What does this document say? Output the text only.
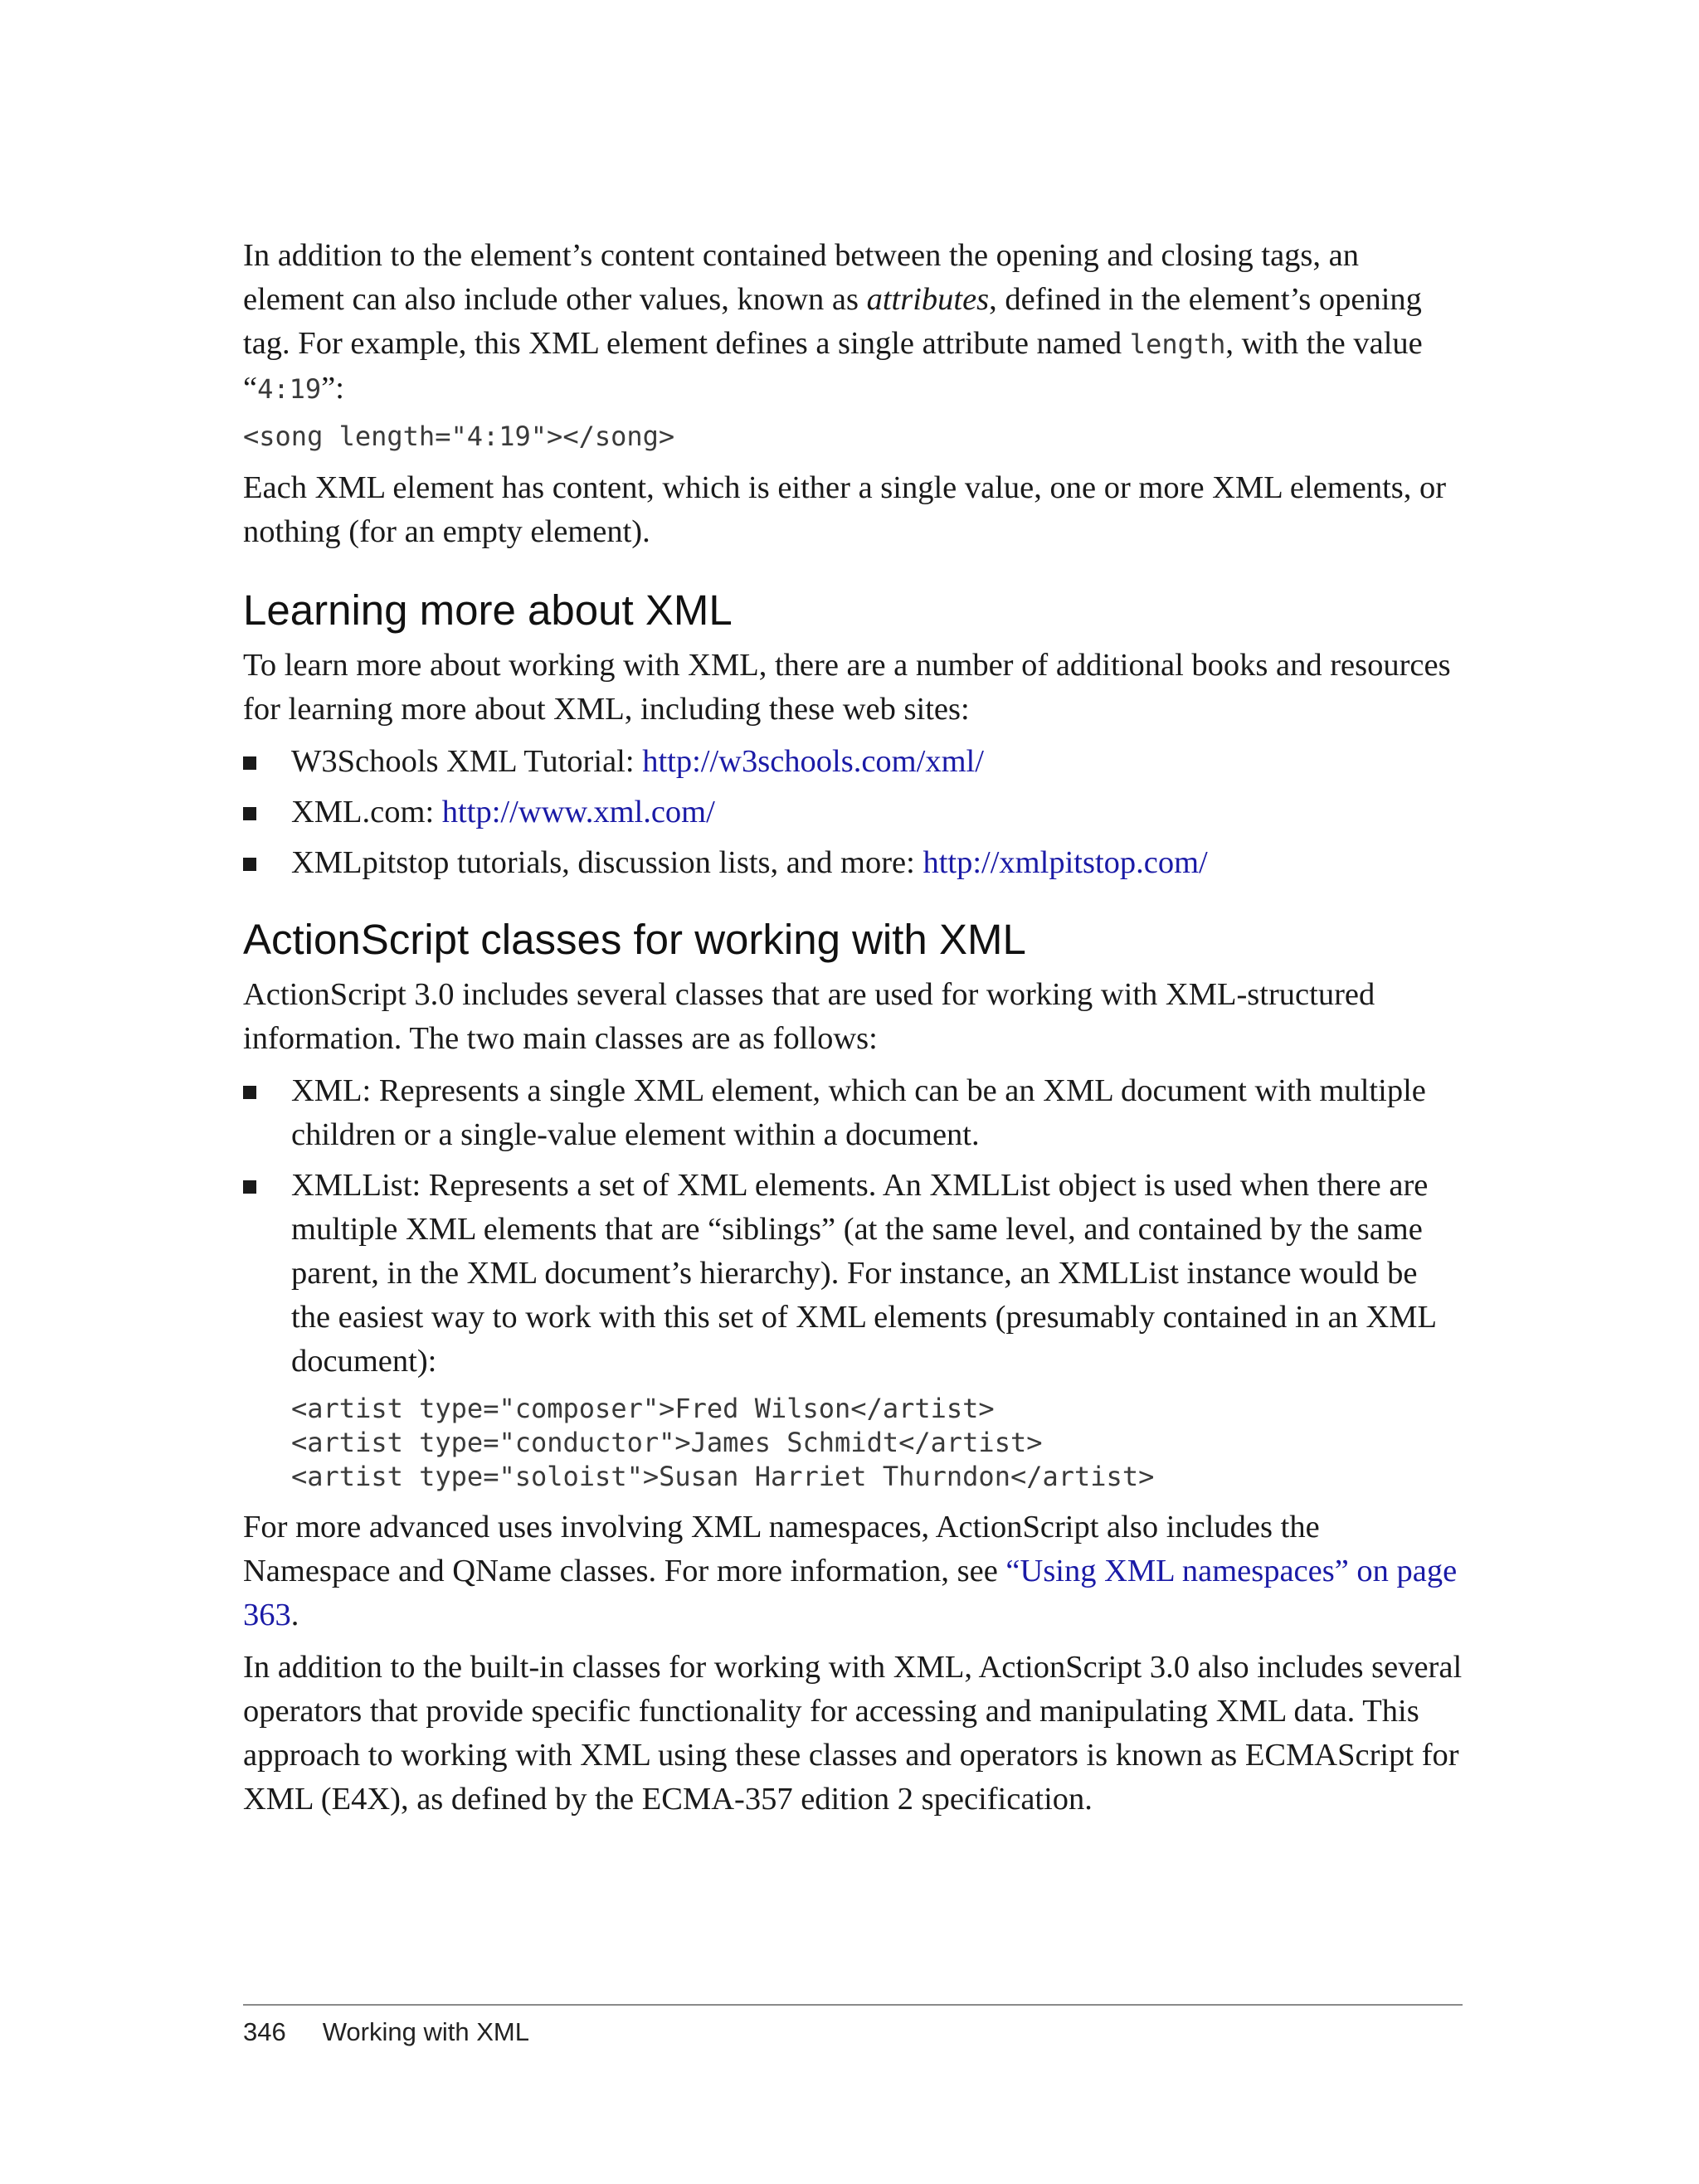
In addition to the element’s content contained between the opening and closing tags, an element can also include other values, known as attributes, defined in the element’s opening tag. For example, this XML element defines a single attribute named length, with the value “4:19”:

<song length="4:19"></song>

Each XML element has content, which is either a single value, one or more XML elements, or nothing (for an empty element).

Learning more about XML

To learn more about working with XML, there are a number of additional books and resources for learning more about XML, including these web sites:

W3Schools XML Tutorial: http://w3schools.com/xml/
XML.com: http://www.xml.com/
XMLpitstop tutorials, discussion lists, and more: http://xmlpitstop.com/
ActionScript classes for working with XML

ActionScript 3.0 includes several classes that are used for working with XML-structured information. The two main classes are as follows:

XML: Represents a single XML element, which can be an XML document with multiple children or a single-value element within a document.
XMLList: Represents a set of XML elements. An XMLList object is used when there are multiple XML elements that are “siblings” (at the same level, and contained by the same parent, in the XML document’s hierarchy). For instance, an XMLList instance would be the easiest way to work with this set of XML elements (presumably contained in an XML document):
<artist type="composer">Fred Wilson</artist>
<artist type="conductor">James Schmidt</artist>
<artist type="soloist">Susan Harriet Thurndon</artist>

For more advanced uses involving XML namespaces, ActionScript also includes the Namespace and QName classes. For more information, see “Using XML namespaces” on page 363.

In addition to the built-in classes for working with XML, ActionScript 3.0 also includes several operators that provide specific functionality for accessing and manipulating XML data. This approach to working with XML using these classes and operators is known as ECMAScript for XML (E4X), as defined by the ECMA-357 edition 2 specification.

346 Working with XML
